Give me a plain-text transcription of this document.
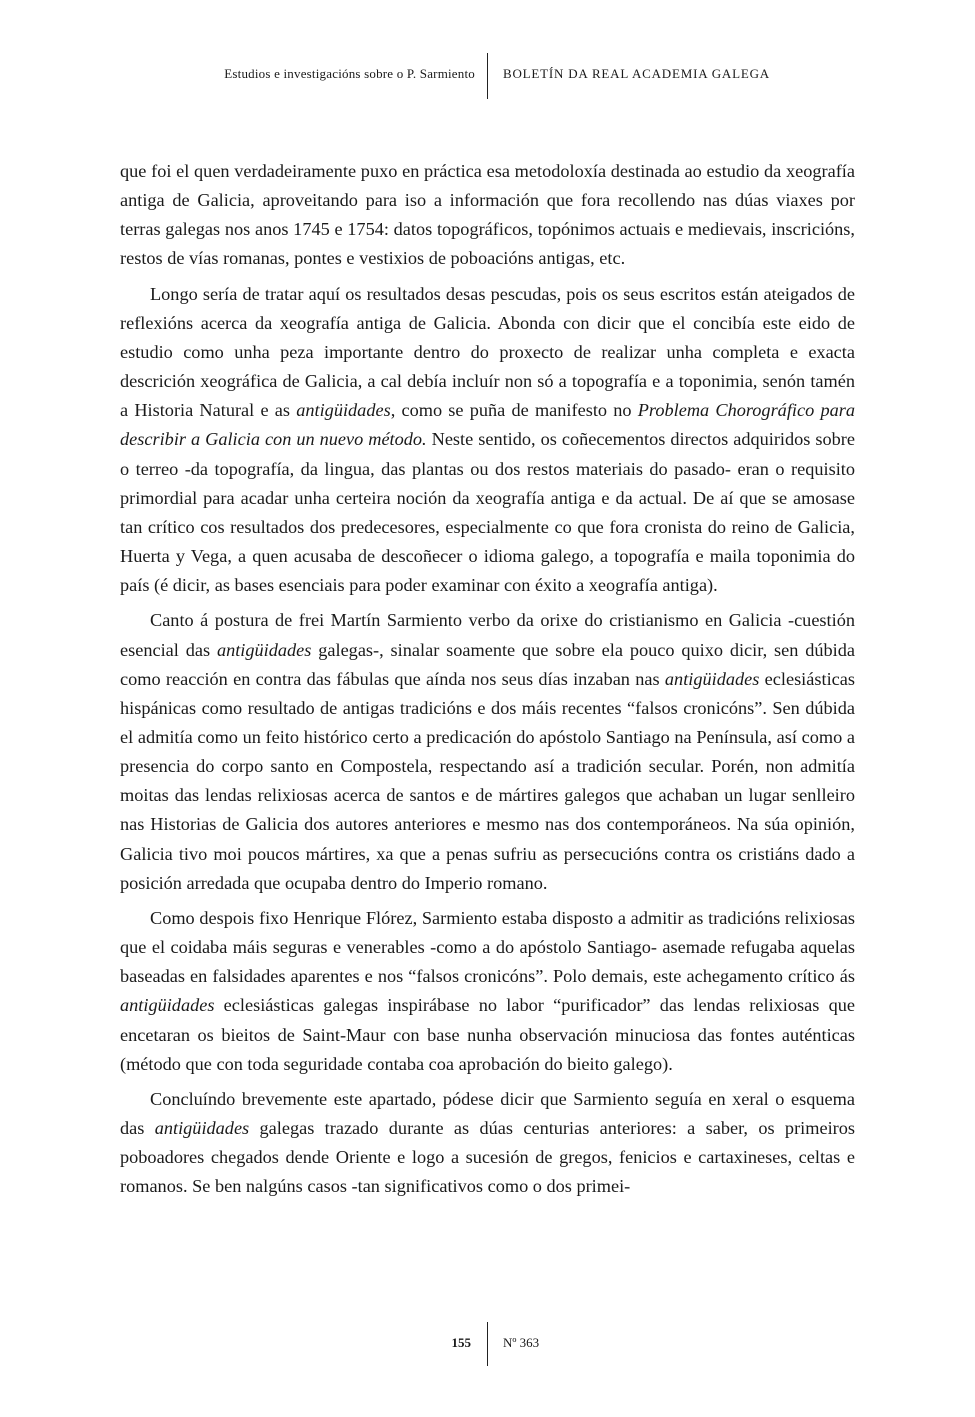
Estudios e investigacións sobre o P. Sarmiento BOLETÍN DA REAL ACADEMIA GALEGA

que foi el quen verdadeiramente puxo en práctica esa metodoloxía destinada ao estudio da xeografía antiga de Galicia, aproveitando para iso a información que fora recollendo nas dúas viaxes por terras galegas nos anos 1745 e 1754: datos topográficos, topónimos actuais e medievais, inscricións, restos de vías romanas, pontes e vestixios de poboacións antigas, etc.

Longo sería de tratar aquí os resultados desas pescudas, pois os seus escritos están ateigados de reflexións acerca da xeografía antiga de Galicia. Abonda con dicir que el concibía este eido de estudio como unha peza importante dentro do proxecto de realizar unha completa e exacta descrición xeográfica de Galicia, a cal debía incluír non só a topografía e a toponimia, senón tamén a Historia Natural e as antigüidades, como se puña de manifesto no Problema Chorográfico para describir a Galicia con un nuevo método. Neste sentido, os coñecementos directos adquiridos sobre o terreo -da topografía, da lingua, das plantas ou dos restos materiais do pasado- eran o requisito primordial para acadar unha certeira noción da xeografía antiga e da actual. De aí que se amosase tan crítico cos resultados dos predecesores, especialmente co que fora cronista do reino de Galicia, Huerta y Vega, a quen acusaba de descoñecer o idioma galego, a topografía e maila toponimia do país (é dicir, as bases esenciais para poder examinar con éxito a xeografía antiga).

Canto á postura de frei Martín Sarmiento verbo da orixe do cristianismo en Galicia -cuestión esencial das antigüidades galegas-, sinalar soamente que sobre ela pouco quixo dicir, sen dúbida como reacción en contra das fábulas que aínda nos seus días inzaban nas antigüidades eclesiásticas hispánicas como resultado de antigas tradicións e dos máis recentes “falsos cronicóns”. Sen dúbida el admitía como un feito histórico certo a predicación do apóstolo Santiago na Península, así como a presencia do corpo santo en Compostela, respectando así a tradición secular. Porén, non admitía moitas das lendas relixiosas acerca de santos e de mártires galegos que achaban un lugar senlleiro nas Historias de Galicia dos autores anteriores e mesmo nas dos contemporáneos. Na súa opinión, Galicia tivo moi poucos mártires, xa que a penas sufriu as persecucións contra os cristiáns dado a posición arredada que ocupaba dentro do Imperio romano.

Como despois fixo Henrique Flórez, Sarmiento estaba disposto a admitir as tradicións relixiosas que el coidaba máis seguras e venerables -como a do apóstolo Santiago- asemade refugaba aquelas baseadas en falsidades aparentes e nos “falsos cronicóns”. Polo demais, este achegamento crítico ás antigüidades eclesiásticas galegas inspirábase no labor “purificador” das lendas relixiosas que encetaran os bieitos de Saint-Maur con base nunha observación minuciosa das fontes auténticas (método que con toda seguridade contaba coa aprobación do bieito galego).

Concluíndo brevemente este apartado, pódese dicir que Sarmiento seguía en xeral o esquema das antigüidades galegas trazado durante as dúas centurias anteriores: a saber, os primeiros poboadores chegados dende Oriente e logo a sucesión de gregos, fenicios e cartaxineses, celtas e romanos. Se ben nalgúns casos -tan significativos como o dos primei-

155 Nº 363
